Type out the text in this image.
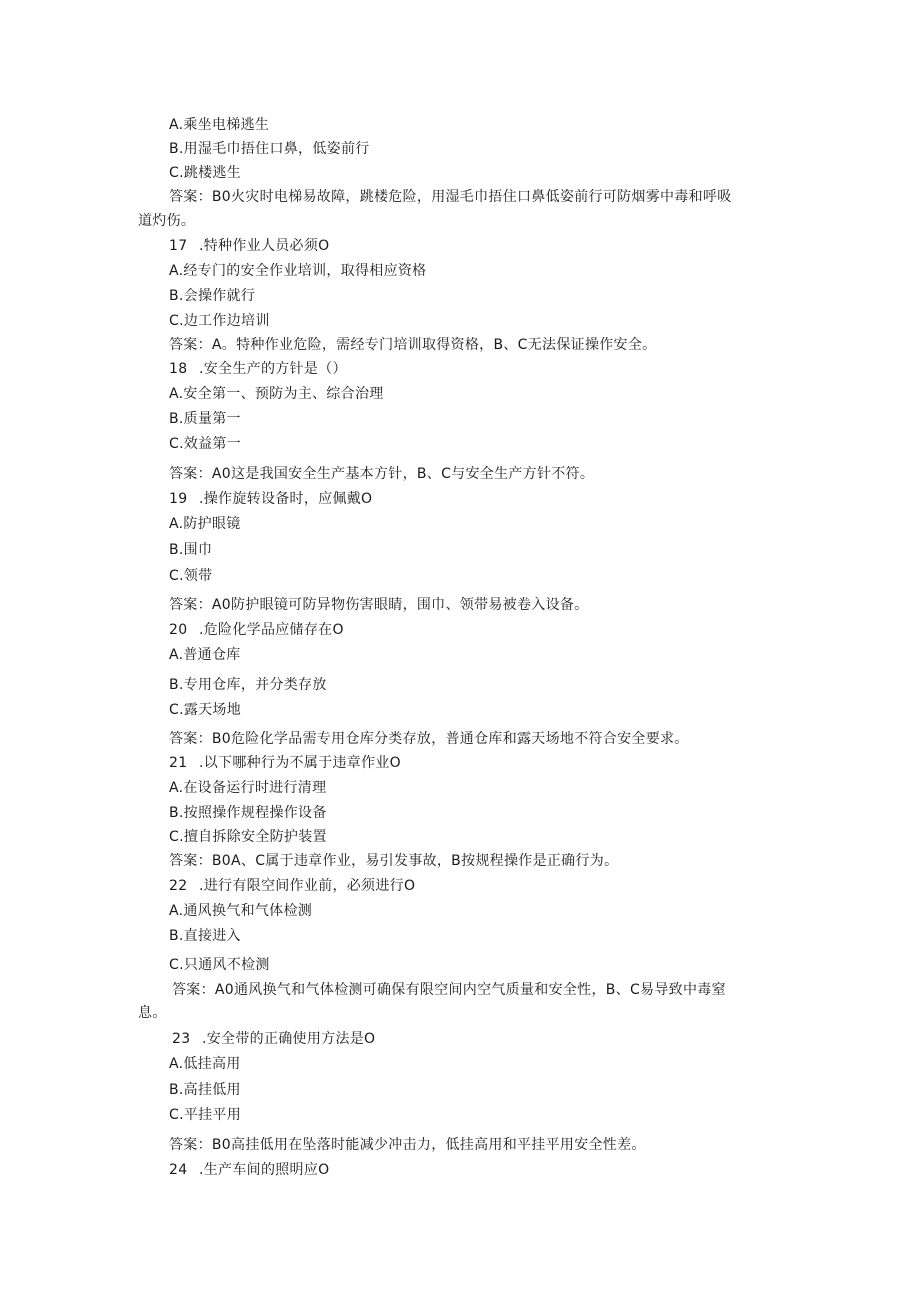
A.乘坐电梯逃生
B.用湿毛巾捂住口鼻，低姿前行
C.跳楼逃生
答案：B0火灾时电梯易故障，跳楼危险，用湿毛巾捂住口鼻低姿前行可防烟雾中毒和呼吸
道灼伤。
17 .特种作业人员必须O
A.经专门的安全作业培训，取得相应资格
B.会操作就行
C.边工作边培训
答案：A。特种作业危险，需经专门培训取得资格，B、C无法保证操作安全。
18 .安全生产的方针是（）
A.安全第一、预防为主、综合治理
B.质量第一
C.效益第一
答案：A0这是我国安全生产基本方针，B、C与安全生产方针不符。
19 .操作旋转设备时，应佩戴O
A.防护眼镜
B.围巾
C.领带
答案：A0防护眼镜可防异物伤害眼睛，围巾、领带易被卷入设备。
20 .危险化学品应储存在O
A.普通仓库
B.专用仓库，并分类存放
C.露天场地
答案：B0危险化学品需专用仓库分类存放，普通仓库和露天场地不符合安全要求。
21 .以下哪种行为不属于违章作业O
A.在设备运行时进行清理
B.按照操作规程操作设备
C.擅自拆除安全防护装置
答案：B0A、C属于违章作业，易引发事故，B按规程操作是正确行为。
22 .进行有限空间作业前，必须进行O
A.通风换气和气体检测
B.直接进入
C.只通风不检测
答案：A0通风换气和气体检测可确保有限空间内空气质量和安全性，B、C易导致中毒窒
息。
23 .安全带的正确使用方法是O
A.低挂高用
B.高挂低用
C.平挂平用
答案：B0高挂低用在坠落时能减少冲击力，低挂高用和平挂平用安全性差。
24 .生产车间的照明应O
